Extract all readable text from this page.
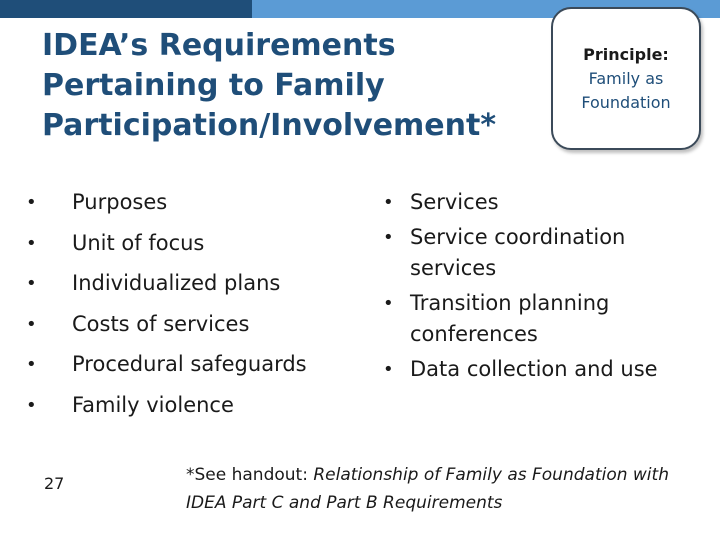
IDEA’s Requirements
Pertaining to Family
Participation/Involvement*
Principle:
Family as
Foundation
• Purposes
• Unit of focus
• Individualized plans
• Costs of services
• Procedural safeguards
• Family violence
• Services
• Service coordination services
• Transition planning conferences
• Data collection and use
27	*See handout: Relationship of Family as Foundation with IDEA Part C and Part B Requirements
